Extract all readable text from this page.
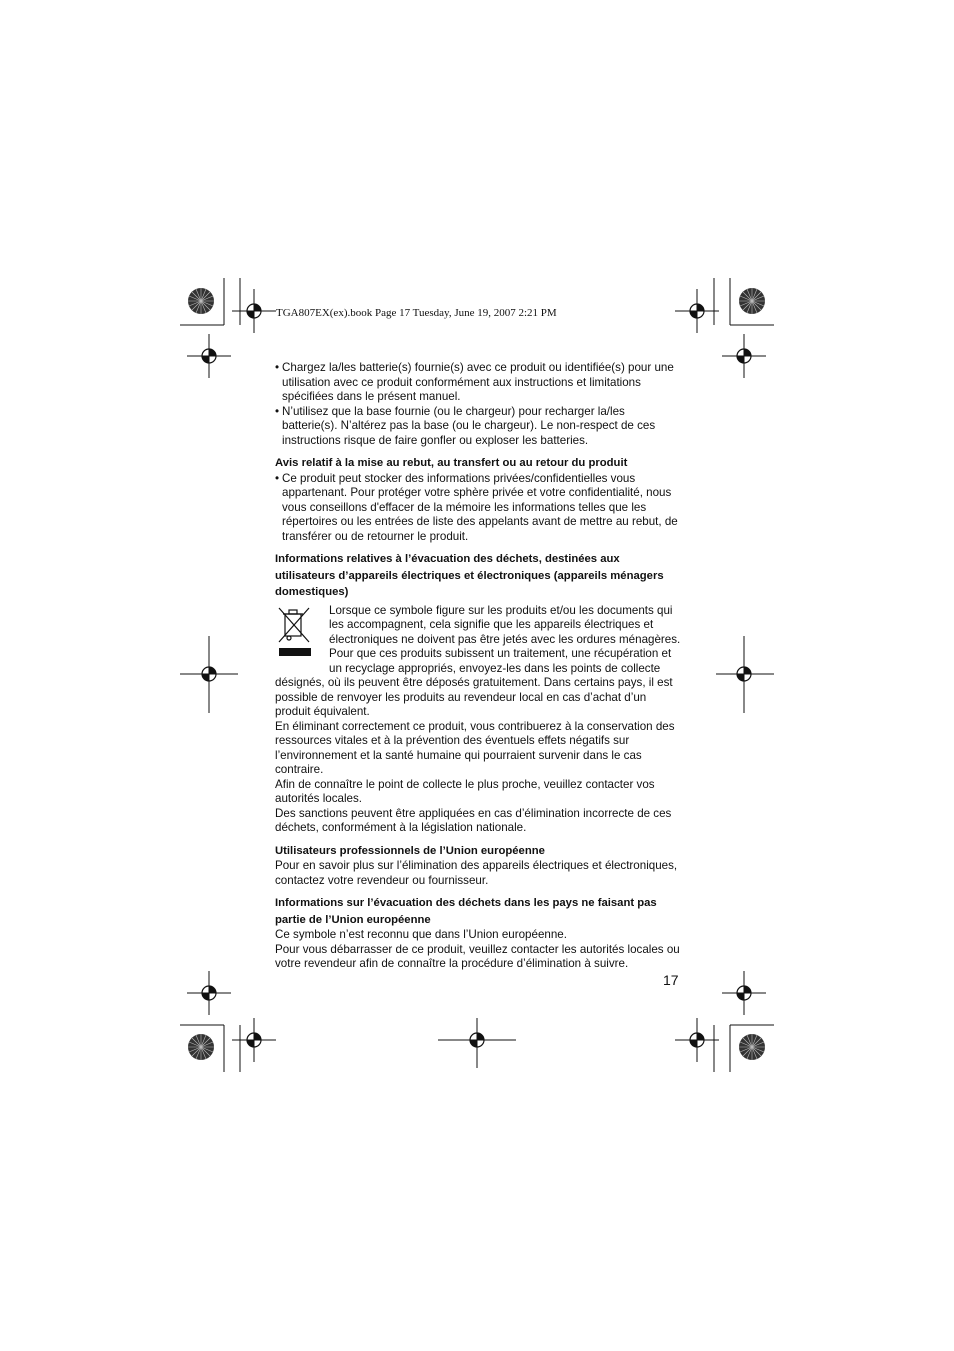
TGA807EX(ex).book Page 17 Tuesday, June 19, 2007 2:21 PM

• Chargez la/les batterie(s) fournie(s) avec ce produit ou identifiée(s) pour une utilisation avec ce produit conformément aux instructions et limitations spécifiées dans le présent manuel.

• N’utilisez que la base fournie (ou le chargeur) pour recharger la/les batterie(s). N’altérez pas la base (ou le chargeur). Le non-respect de ces instructions risque de faire gonfler ou exploser les batteries.

Avis relatif à la mise au rebut, au transfert ou au retour du produit

• Ce produit peut stocker des informations privées/confidentielles vous appartenant. Pour protéger votre sphère privée et votre confidentialité, nous vous conseillons d'effacer de la mémoire les informations telles que les répertoires ou les entrées de liste des appelants avant de mettre au rebut, de transférer ou de retourner le produit.

Informations relatives à l’évacuation des déchets, destinées aux utilisateurs d’appareils électriques et électroniques (appareils ménagers domestiques)

Lorsque ce symbole figure sur les produits et/ou les documents qui les accompagnent, cela signifie que les appareils électriques et électroniques ne doivent pas être jetés avec les ordures ménagères. Pour que ces produits subissent un traitement, une récupération et un recyclage appropriés, envoyez-les dans les points de collecte désignés, où ils peuvent être déposés gratuitement. Dans certains pays, il est possible de renvoyer les produits au revendeur local en cas d’achat d’un produit équivalent.

En éliminant correctement ce produit, vous contribuerez à la conservation des ressources vitales et à la prévention des éventuels effets négatifs sur l’environnement et la santé humaine qui pourraient survenir dans le cas contraire.

Afin de connaître le point de collecte le plus proche, veuillez contacter vos autorités locales.

Des sanctions peuvent être appliquées en cas d’élimination incorrecte de ces déchets, conformément à la législation nationale.

Utilisateurs professionnels de l’Union européenne

Pour en savoir plus sur l’élimination des appareils électriques et électroniques, contactez votre revendeur ou fournisseur.

Informations sur l’évacuation des déchets dans les pays ne faisant pas partie de l’Union européenne

Ce symbole n’est reconnu que dans l’Union européenne.

Pour vous débarrasser de ce produit, veuillez contacter les autorités locales ou votre revendeur afin de connaître la procédure d’élimination à suivre.

17
